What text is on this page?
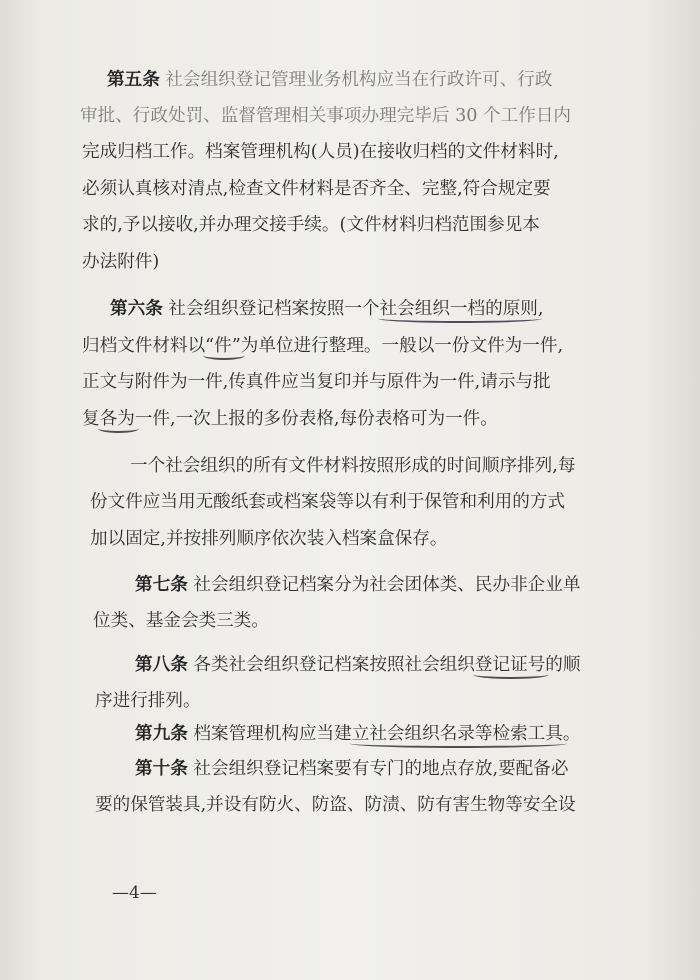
第五条 社会组织登记管理业务机构应当在行政许可、行政
审批、行政处罚、监督管理相关事项办理完毕后 30 个工作日内
完成归档工作。档案管理机构(人员)在接收归档的文件材料时,
必须认真核对清点,检查文件材料是否齐全、完整,符合规定要
求的,予以接收,并办理交接手续。(文件材料归档范围参见本
办法附件)
第六条 社会组织登记档案按照一个社会组织一档的原则,
归档文件材料以“件”为单位进行整理。一般以一份文件为一件,
正文与附件为一件,传真件应当复印并与原件为一件,请示与批
复各为一件,一次上报的多份表格,每份表格可为一件。
一个社会组织的所有文件材料按照形成的时间顺序排列,每
份文件应当用无酸纸套或档案袋等以有利于保管和利用的方式
加以固定,并按排列顺序依次装入档案盒保存。
第七条 社会组织登记档案分为社会团体类、民办非企业单
位类、基金会类三类。
第八条 各类社会组织登记档案按照社会组织登记证号的顺
序进行排列。
第九条 档案管理机构应当建立社会组织名录等检索工具。
第十条 社会组织登记档案要有专门的地点存放,要配备必
要的保管装具,并设有防火、防盗、防渍、防有害生物等安全设
—4—
